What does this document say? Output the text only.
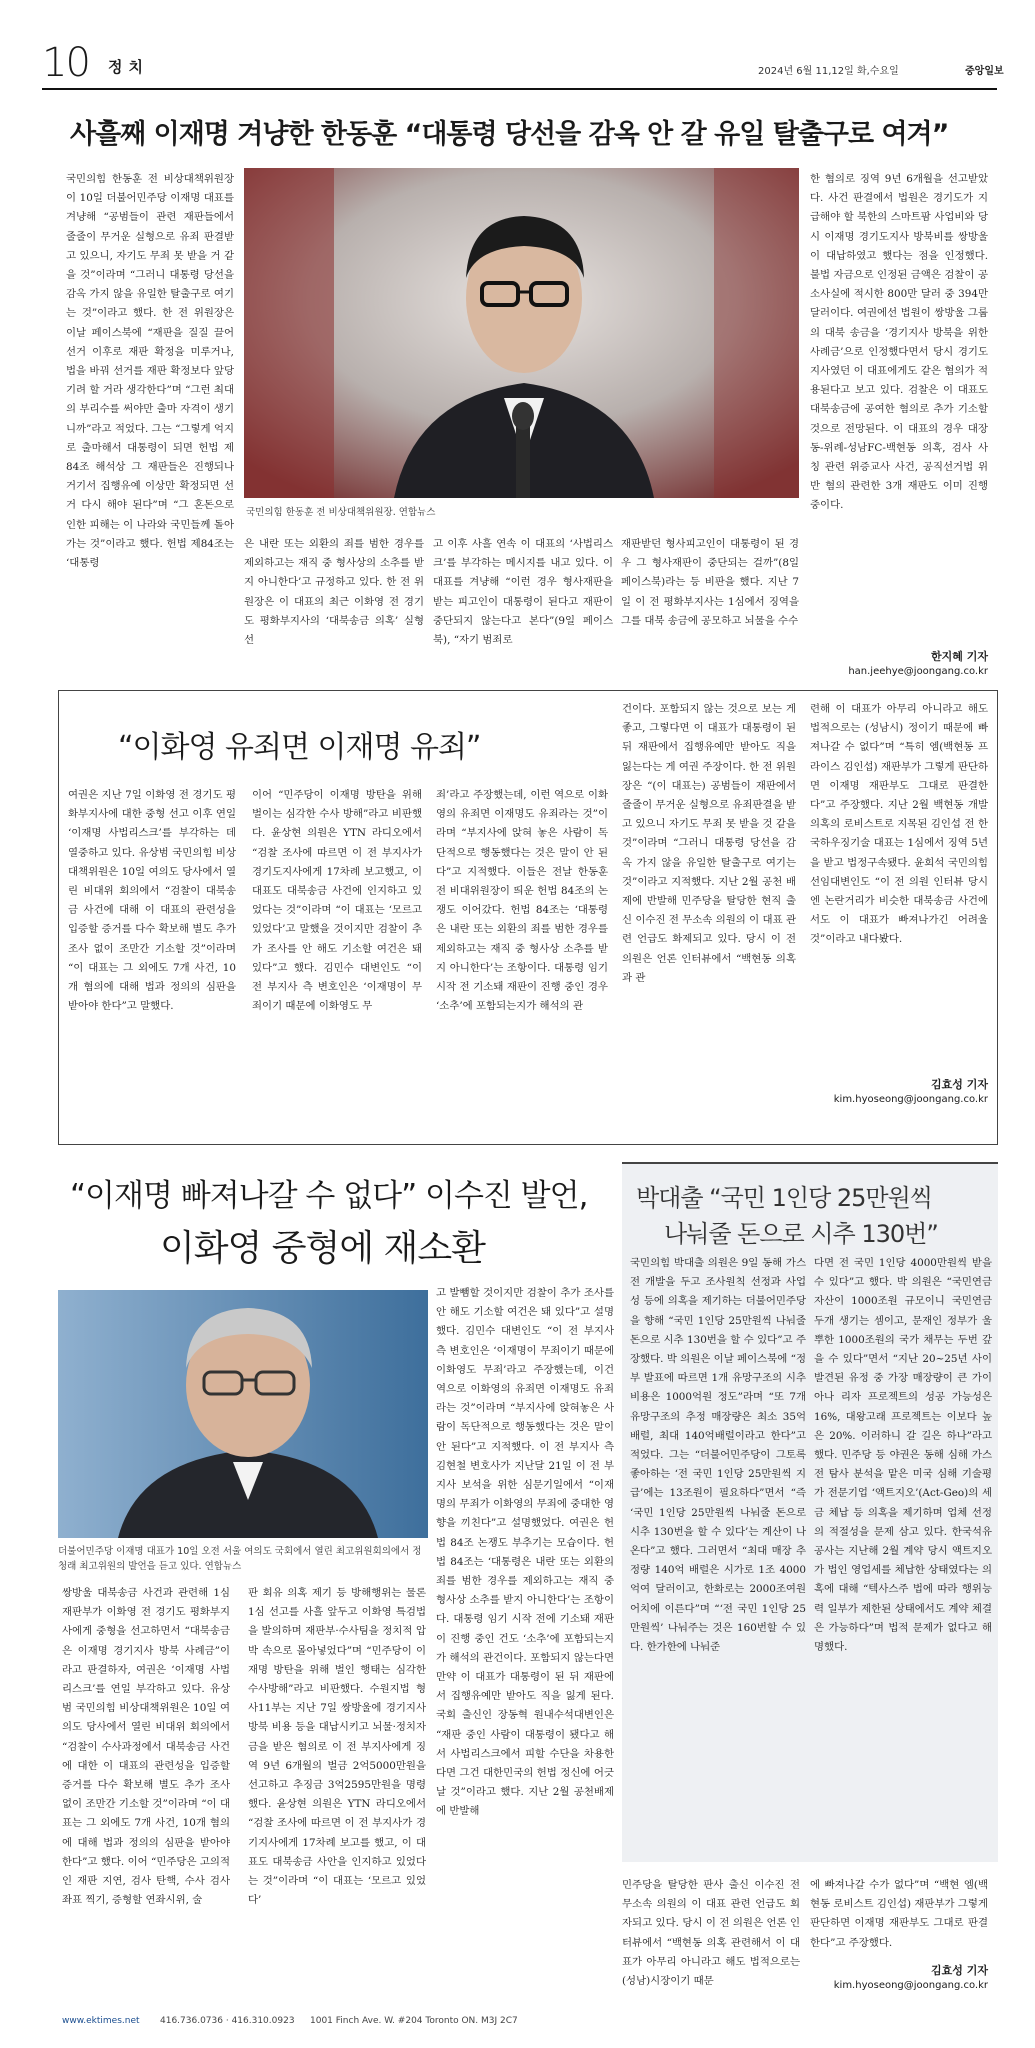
10 정치	2024년 6월 11,12일 화,수요일	중앙일보
사흘째 이재명 겨냥한 한동훈 “대통령 당선을 감옥 안 갈 유일 탈출구로 여겨”
국민의힘 한동훈 전 비상대책위원장이 10일 더불어민주당 이재명 대표를 겨냥해 “공범들이 관련 재판들에서 줄줄이 무거운 실형으로 유죄 판결받고 있으니, 자기도 무죄 못 받을 거 같을 것”이라며 “그러니 대통령 당선을 감옥 가지 않을 유일한 탈출구로 여기는 것”이라고 했다. 한 전 위원장은 이날 페이스북에 “재판을 질질 끌어 선거 이후로 재판 확정을 미루거나, 법을 바꿔 선거를 재판 확정보다 앞당기려 할 거라 생각한다”며 “그런 최대의 부리수를 써야만 출마 자격이 생기니까”라고 적었다. 그는 “그렇게 억지로 출마해서 대통령이 되면 헌법 제84조 해석상 그 재판들은 진행되나 거기서 집행유예 이상만 확정되면 선거 다시 해야 된다”며 “그 혼돈으로 인한 피해는 이 나라와 국민들께 돌아가는 것”이라고 했다. 헌법 제84조는 ‘대통령
국민의힘 한동훈 전 비상대책위원장. 연합뉴스
은 내란 또는 외환의 죄를 범한 경우를 제외하고는 재직 중 형사상의 소추를 받지 아니한다’고 규정하고 있다. 한 전 위원장은 이 대표의 최근 이화영 전 경기도 평화부지사의 ‘대북송금 의혹’ 실형 선
고 이후 사흘 연속 이 대표의 ‘사법리스크’를 부각하는 메시지를 내고 있다. 이 대표를 겨냥해 “이런 경우 형사재판을 받는 피고인이 대통령이 된다고 재판이 중단되지 않는다고 본다”(9일 페이스북), “자기 범죄로
재판받던 형사피고인이 대통령이 된 경우 그 형사재판이 중단되는 걸까”(8일 페이스북)라는 등 비판을 했다. 지난 7일 이 전 평화부지사는 1심에서 징역을 그를 대북 송금에 공모하고 뇌물을 수수
한 혐의로 징역 9년 6개월을 선고받았다. 사건 판결에서 법원은 경기도가 지급해야 할 북한의 스마트팜 사업비와 당시 이재명 경기도지사 방북비를 쌍방울이 대납하였고 했다는 점을 인정했다. 불법 자금으로 인정된 금액은 검찰이 공소사실에 적시한 800만 달러 중 394만 달러이다. 여권에선 법원이 쌍방울 그룹의 대북 송금을 ‘경기지사 방북을 위한 사례금’으로 인정했다면서 당시 경기도지사였던 이 대표에게도 같은 혐의가 적용된다고 보고 있다. 검찰은 이 대표도 대북송금에 공여한 혐의로 추가 기소할 것으로 전망된다. 이 대표의 경우 대장동-위례-성남FC-백현동 의혹, 검사 사칭 관련 위증교사 사건, 공직선거법 위반 혐의 관련한 3개 재판도 이미 진행 중이다.
한지혜 기자
han.jeehye@joongang.co.kr
“이화영 유죄면 이재명 유죄”
여권은 지난 7일 이화영 전 경기도 평화부지사에 대한 중형 선고 이후 연일 ‘이재명 사법리스크’를 부각하는 데 열중하고 있다. 유상범 국민의힘 비상대책위원은 10일 여의도 당사에서 열린 비대위 회의에서 “검찰이 대북송금 사건에 대해 이 대표의 관련성을 입증할 증거를 다수 확보해 별도 추가조사 없이 조만간 기소할 것”이라며 “이 대표는 그 외에도 7개 사건, 10개 혐의에 대해 법과 정의의 심판을 받아야 한다”고 말했다.
이어 “민주당이 이재명 방탄을 위해 벌이는 심각한 수사 방해”라고 비판했다. 윤상현 의원은 YTN 라디오에서 “검찰 조사에 따르면 이 전 부지사가 경기도지사에게 17차례 보고했고, 이 대표도 대북송금 사건에 인지하고 있었다는 것”이라며 “이 대표는 ‘모르고 있었다’고 말했을 것이지만 검찰이 추가 조사를 안 해도 기소할 여건은 돼 있다”고 했다. 김민수 대변인도 “이 전 부지사 측 변호인은 ‘이재명이 무죄이기 때문에 이화영도 무
죄’라고 주장했는데, 이런 역으로 이화영의 유죄면 이재명도 유죄라는 것”이라며 “부지사에 앉혀 놓은 사람이 독단적으로 행동했다는 것은 말이 안 된다”고 지적했다. 이들은 전날 한동훈 전 비대위원장이 띄운 헌법 84조의 논쟁도 이어갔다. 헌법 84조는 ‘대통령은 내란 또는 외환의 죄를 범한 경우를 제외하고는 재직 중 형사상 소추를 받지 아니한다’는 조항이다. 대통령 임기 시작 전 기소돼 재판이 진행 중인 경우 ‘소추’에 포함되는지가 해석의 관
건이다. 포함되지 않는 것으로 보는 게 좋고, 그렇다면 이 대표가 대통령이 된 뒤 재판에서 집행유예만 받아도 직을 잃는다는 게 여권 주장이다. 한 전 위원장은 “(이 대표는) 공범들이 재판에서 줄줄이 무거운 실형으로 유죄판결을 받고 있으니 자기도 무죄 못 받을 것 같을 것”이라며 “그러니 대통령 당선을 감옥 가지 않을 유일한 탈출구로 여기는 것”이라고 지적했다. 지난 2월 공천 배제에 반발해 민주당을 탈당한 현직 출신 이수진 전 무소속 의원의 이 대표 관련 언급도 화제되고 있다. 당시 이 전 의원은 언론 인터뷰에서 “백현동 의혹과 관
련해 이 대표가 아무리 아니라고 해도 법적으로는 (성남시) 정이기 때문에 빠져나갈 수 없다”며 “특히 엠(백현동 프라이스 김인섭) 재판부가 그렇게 판단하면 이재명 재판부도 그대로 판결한다”고 주장했다. 지난 2월 백현동 개발 의혹의 로비스트로 지목된 김인섭 전 한국하우징기술 대표는 1심에서 징역 5년을 받고 법정구속됐다. 윤희석 국민의힘 선임대변인도 “이 전 의원 인터뷰 당시엔 논란거리가 비슷한 대북송금 사건에서도 이 대표가 빠져나가긴 어려울 것”이라고 내다봤다.
김효성 기자
kim.hyoseong@joongang.co.kr
“이재명 빠져나갈 수 없다” 이수진 발언,
이화영 중형에 재소환
더불어민주당 이재명 대표가 10일 오전 서울 여의도 국회에서 열린 최고위원회의에서 정청래 최고위원의 발언을 듣고 있다. 연합뉴스
쌍방울 대북송금 사건과 관련해 1심 재판부가 이화영 전 경기도 평화부지사에게 중형을 선고하면서 “대북송금은 이재명 경기지사 방북 사례금”이라고 판결하자, 여권은 ‘이재명 사법리스크’를 연일 부각하고 있다. 유상범 국민의힘 비상대책위원은 10일 여의도 당사에서 열린 비대위 회의에서 “검찰이 수사과정에서 대북송금 사건에 대한 이 대표의 관련성을 입증할 증거를 다수 확보해 별도 추가 조사 없이 조만간 기소할 것”이라며 “이 대표는 그 외에도 7개 사건, 10개 혐의에 대해 법과 정의의 심판을 받아야 한다”고 했다. 이어 “민주당은 고의적인 재판 지연, 검사 탄핵, 수사 검사 좌표 찍기, 증형할 연좌시위, 술
판 회유 의혹 제기 등 방해행위는 물론 1심 선고를 사흘 앞두고 이화영 특검법을 발의하며 재판부·수사팀을 정치적 압박 속으로 몰아넣었다”며 “민주당이 이재명 방탄을 위해 벌인 행태는 심각한 수사방해”라고 비판했다. 수원지법 형사11부는 지난 7일 쌍방울에 경기지사 방북 비용 등을 대납시키고 뇌물·정치자금을 받은 혐의로 이 전 부지사에게 징역 9년 6개월의 벌금 2억5000만원을 선고하고 추징금 3억2595만원을 명령했다. 윤상현 의원은 YTN 라디오에서 “검찰 조사에 따르면 이 전 부지사가 경기지사에게 17차례 보고를 했고, 이 대표도 대북송금 사안을 인지하고 있었다는 것”이라며 “이 대표는 ‘모르고 있었다’
고 발뺌할 것이지만 검찰이 추가 조사를 안 해도 기소할 여건은 돼 있다”고 설명했다. 김민수 대변인도 “이 전 부지사 측 변호인은 ‘이재명이 무죄이기 때문에 이화영도 무죄’라고 주장했는데, 이건 역으로 이화영의 유죄면 이재명도 유죄라는 것”이라며 “부지사에 앉혀놓은 사람이 독단적으로 행동했다는 것은 말이 안 된다”고 지적했다. 이 전 부지사 측 김현철 변호사가 지난달 21일 이 전 부지사 보석을 위한 심문기일에서 “이재명의 무죄가 이화영의 무죄에 중대한 영향을 끼친다”고 설명했었다. 여권은 헌법 84조 논쟁도 부추기는 모습이다. 헌법 84조는 ‘대통령은 내란 또는 외환의 죄를 범한 경우를 제외하고는 재직 중 형사상 소추를 받지 아니한다’는 조항이다. 대통령 임기 시작 전에 기소돼 재판이 진행 중인 건도 ‘소추’에 포함되는지가 해석의 관건이다. 포함되지 않는다면 만약 이 대표가 대통령이 된 뒤 재판에서 집행유예만 받아도 직을 잃게 된다. 국회 출신인 장동혁 원내수석대변인은 “재판 중인 사람이 대통령이 됐다고 해서 사법리스크에서 피할 수단을 차용한다면 그건 대한민국의 헌법 정신에 어긋날 것”이라고 했다. 지난 2월 공천배제에 반발해
민주당을 탈당한 판사 출신 이수진 전 무소속 의원의 이 대표 관련 언급도 회자되고 있다. 당시 이 전 의원은 언론 인터뷰에서 “백현동 의혹 관련해서 이 대표가 아무리 아니라고 해도 법적으로는 (성남)시장이기 때문
에 빠져나갈 수가 없다”며 “백현 엠(백현동 로비스트 김인섭) 재판부가 그렇게 판단하면 이재명 재판부도 그대로 판결한다”고 주장했다.
김효성 기자
kim.hyoseong@joongang.co.kr
박대출 “국민 1인당 25만원씩
나눠줄 돈으로 시추 130번”
국민의힘 박대출 의원은 9일 동해 가스전 개발을 두고 조사원칙 선정과 사업성 등에 의혹을 제기하는 더불어민주당을 향해 “국민 1인당 25만원씩 나눠줄 돈으로 시추 130번을 할 수 있다”고 주장했다. 박 의원은 이날 페이스북에 “정부 발표에 따르면 1개 유망구조의 시추 비용은 1000억원 정도”라며 “또 7개 유망구조의 추정 매장량은 최소 35억배럴, 최대 140억배럴이라고 한다”고 적었다. 그는 “더불어민주당이 그토록 좋아하는 ‘전 국민 1인당 25만원씩 지급’에는 13조원이 필요하다”면서 “즉 ‘국민 1인당 25만원씩 나눠줄 돈으로 시추 130번을 할 수 있다’는 계산이 나온다”고 했다. 그러면서 “최대 매장 추정량 140억 배럴은 시가로 1조 4000억여 달러이고, 한화로는 2000조여원 어치에 이른다”며 “‘전 국민 1인당 25만원씩’ 나눠주는 것은 160번할 수 있다. 한가한에 나눠준
다면 전 국민 1인당 4000만원씩 받을 수 있다”고 했다. 박 의원은 “국민연금 자산이 1000조원 규모이니 국민연금 두개 생기는 셈이고, 문재인 정부가 울뿌한 1000조원의 국가 채무는 두번 갚을 수 있다”면서 “지난 20~25년 사이 발견된 유정 중 가장 매장량이 큰 가이아나 리자 프로젝트의 성공 가능성은 16%, 대왕고래 프로젝트는 이보다 높은 20%. 이러하니 갈 길은 하나”라고 했다. 민주당 등 야권은 동해 심해 가스전 탐사 분석을 맡은 미국 심해 기술평가 전문기업 ‘액트지오’(Act-Geo)의 세금 체납 등 의혹을 제기하며 업체 선정의 적절성을 문제 삼고 있다. 한국석유공사는 지난해 2월 계약 당시 액트지오가 법인 영업세를 체납한 상태였다는 의혹에 대해 “텍사스주 법에 따라 행위능력 일부가 제한된 상태에서도 계약 체결은 가능하다”며 법적 문제가 없다고 해명했다.
www.ektimes.net 416.736.0736 · 416.310.0923 1001 Finch Ave. W. #204 Toronto ON. M3J 2C7
